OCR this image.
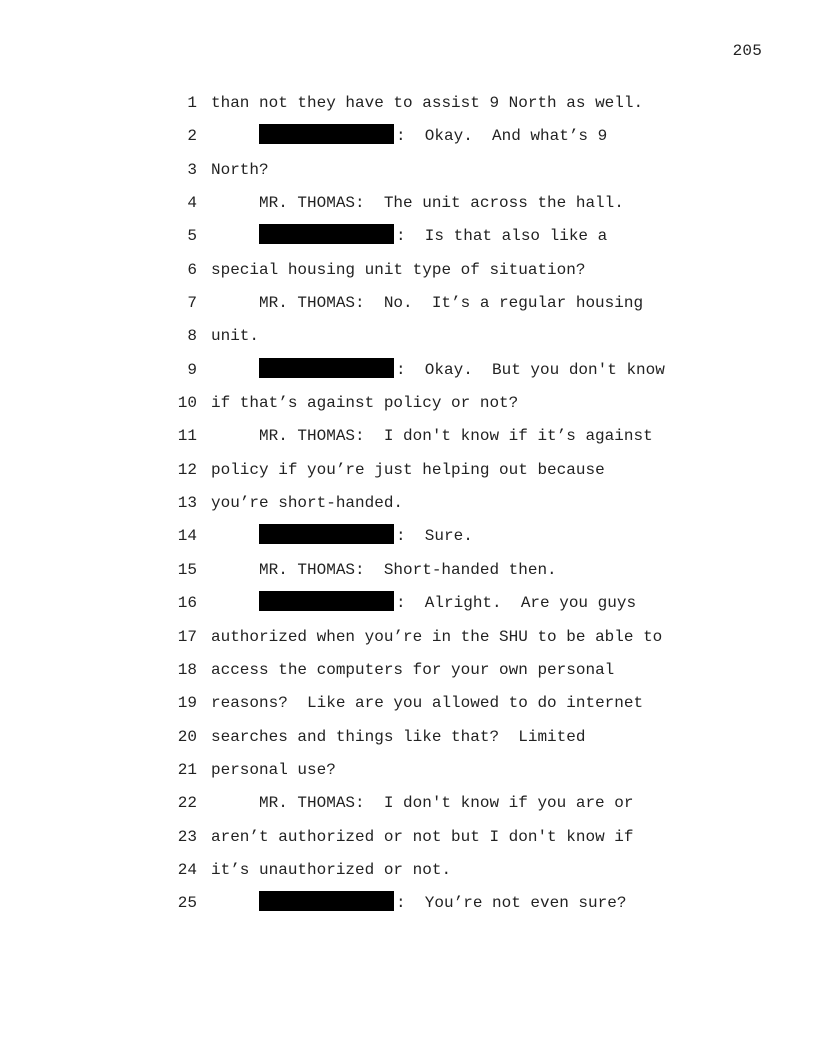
205
1 than not they have to assist 9 North as well.
2	:  Okay.  And what’s 9
3 North?
4	MR. THOMAS:  The unit across the hall.
5	:  Is that also like a
6 special housing unit type of situation?
7	MR. THOMAS:  No.  It’s a regular housing
8 unit.
9	:  Okay.  But you don't know
10 if that’s against policy or not?
11	MR. THOMAS:  I don't know if it’s against
12 policy if you’re just helping out because
13 you’re short-handed.
14	:  Sure.
15	MR. THOMAS:  Short-handed then.
16	:  Alright.  Are you guys
17 authorized when you’re in the SHU to be able to
18 access the computers for your own personal
19 reasons?  Like are you allowed to do internet
20 searches and things like that?  Limited
21 personal use?
22	MR. THOMAS:  I don't know if you are or
23 aren’t authorized or not but I don't know if
24 it’s unauthorized or not.
25	:  You’re not even sure?
